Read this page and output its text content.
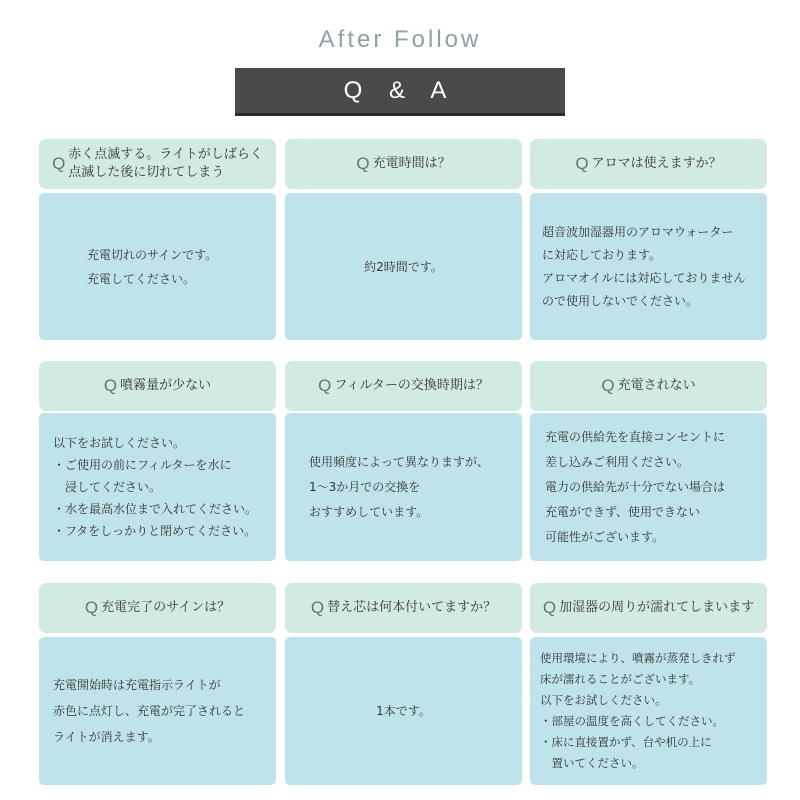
After Follow
Q & A
Q 赤く点滅する。ライトがしばらく
点滅した後に切れてしまう
充電切れのサインです。
充電してください。
Q 充電時間は？
約2時間です。
Q アロマは使えますか？
超音波加湿器用のアロマウォーター
に対応しております。
アロマオイルには対応しておりません
ので使用しないでください。
Q 噴霧量が少ない
以下をお試しください。
・ご使用の前にフィルターを水に
　浸してください。
・水を最高水位まで入れてください。
・フタをしっかりと閉めてください。
Q フィルターの交換時期は？
使用頻度によって異なりますが、
1〜3か月での交換を
おすすめしています。
Q 充電されない
充電の供給先を直接コンセントに
差し込みご利用ください。
電力の供給先が十分でない場合は
充電ができず、使用できない
可能性がございます。
Q 充電完了のサインは？
充電開始時は充電指示ライトが
赤色に点灯し、充電が完了されると
ライトが消えます。
Q 替え芯は何本付いてますか？
1本です。
Q 加湿器の周りが濡れてしまいます
使用環境により、噴霧が蒸発しきれず
床が濡れることがございます。
以下をお試しください。
・部屋の温度を高くしてください。
・床に直接置かず、台や机の上に
　置いてください。
